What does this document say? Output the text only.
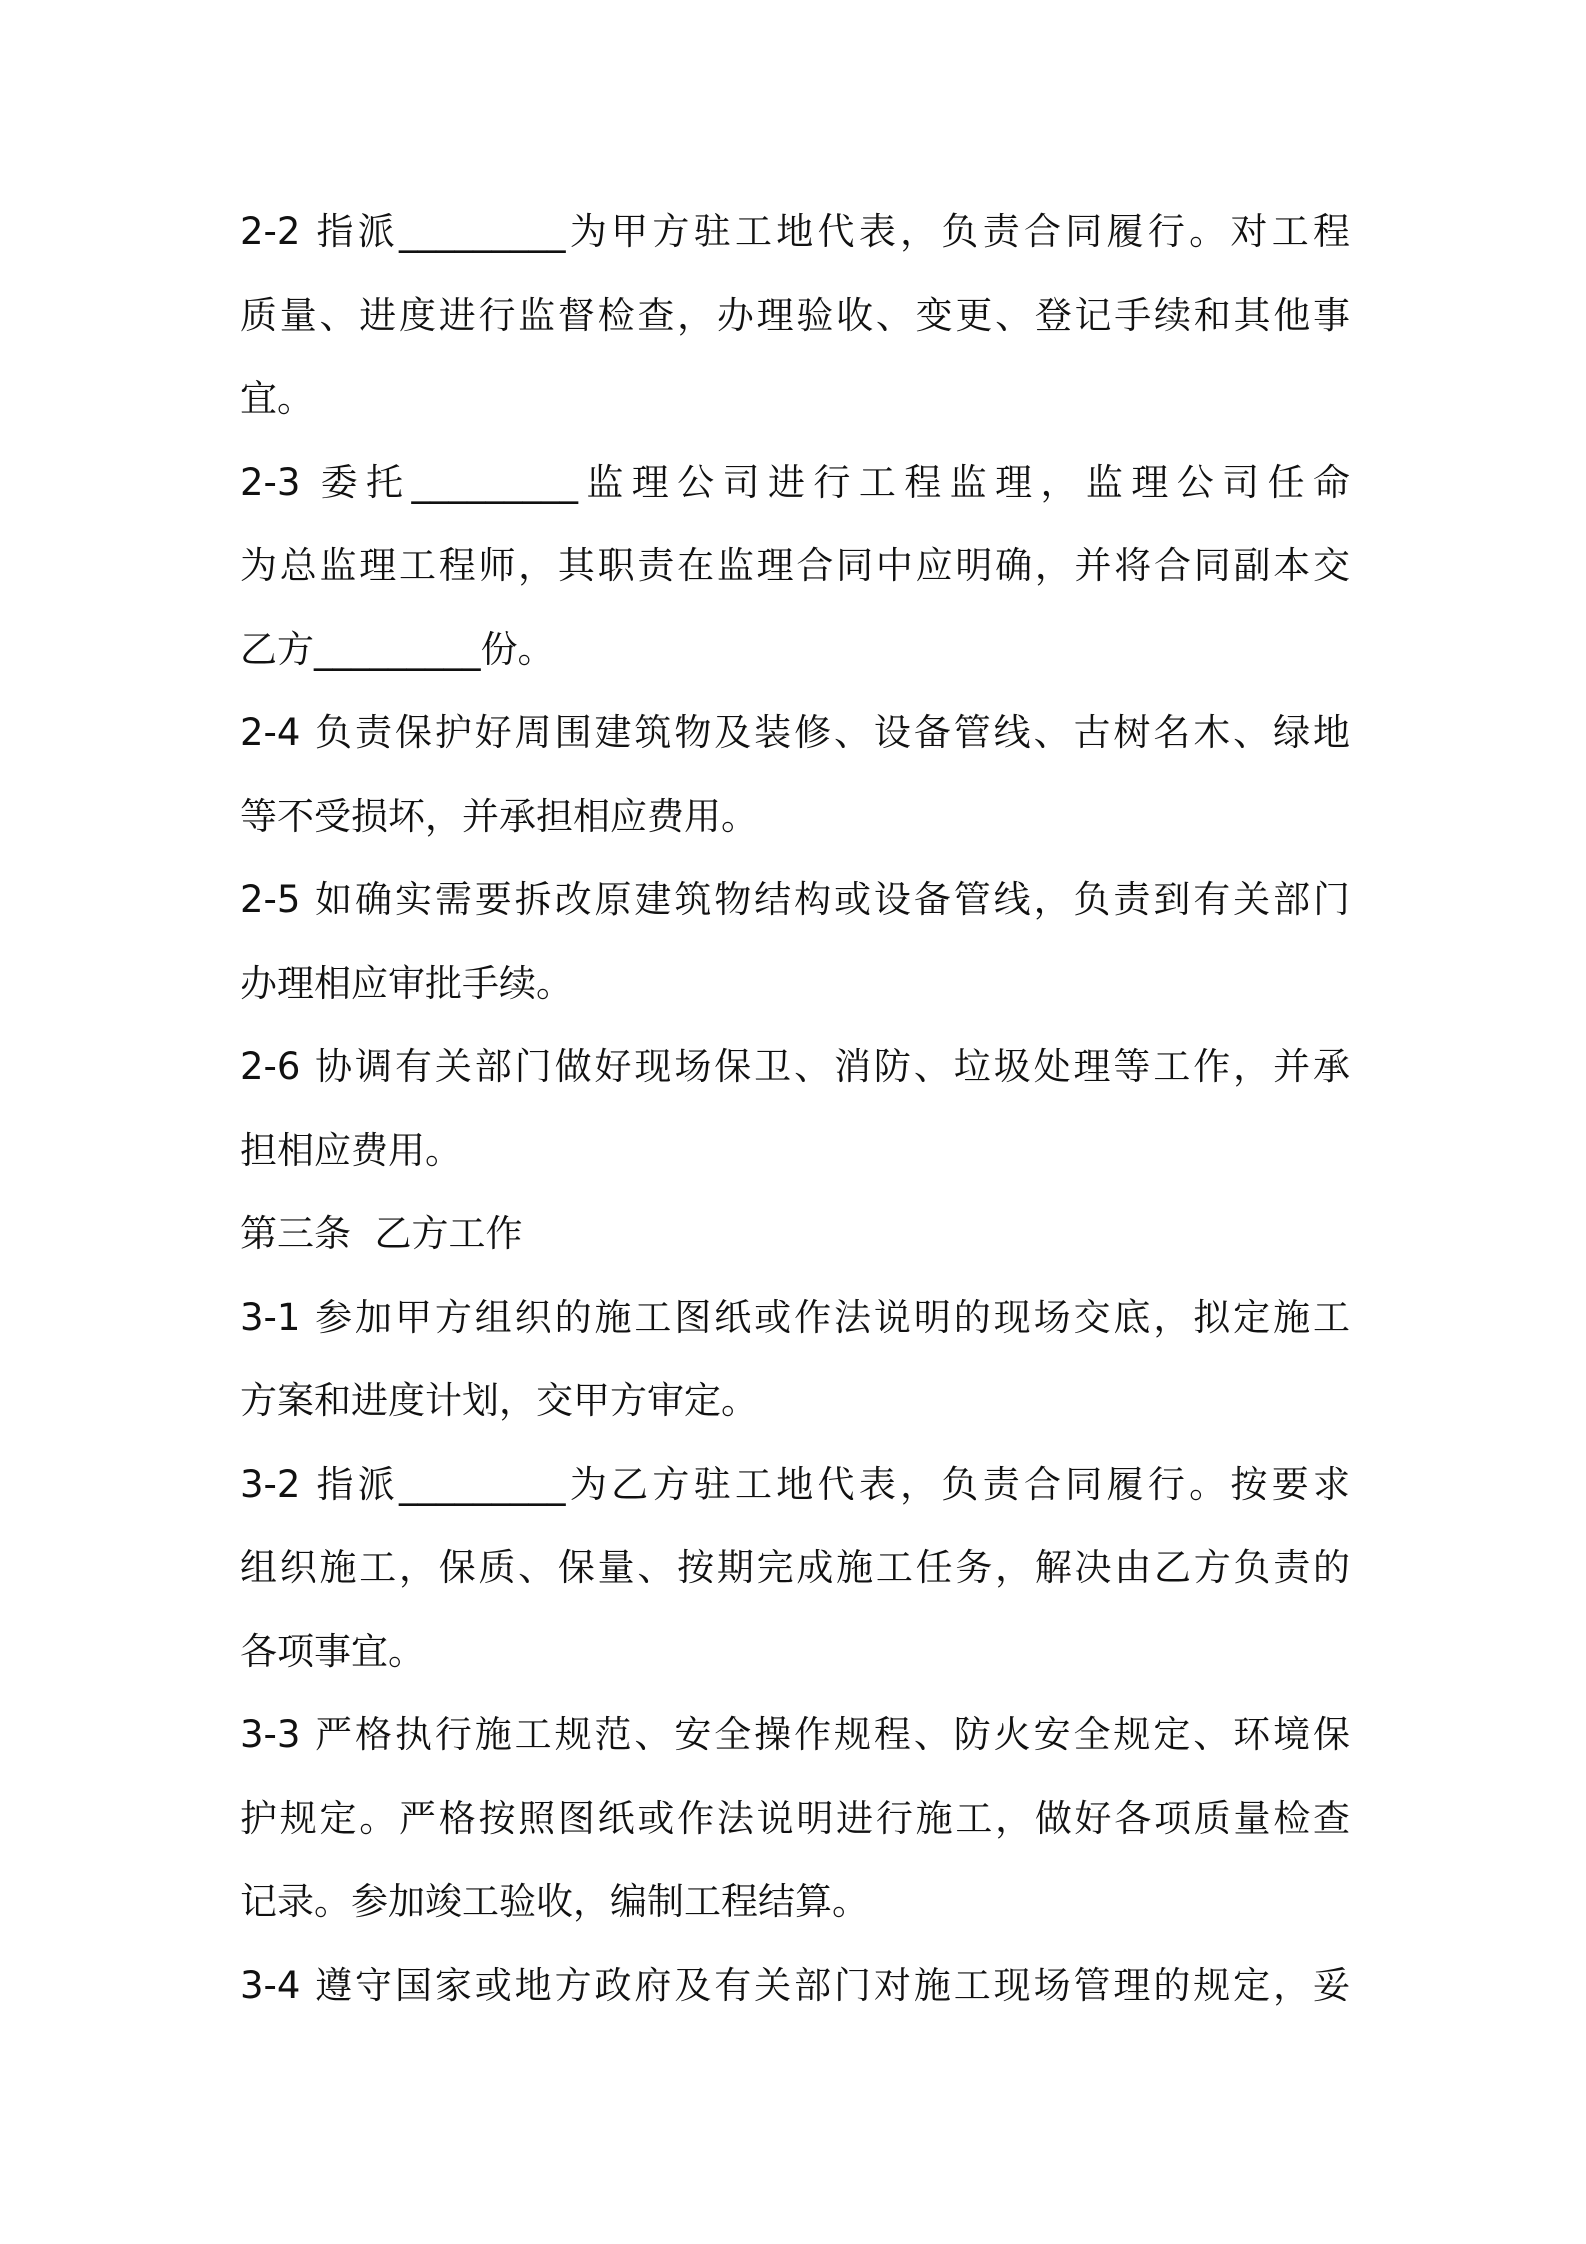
2-2 指派_________为甲方驻工地代表，负责合同履行。对工程
质量、进度进行监督检查，办理验收、变更、登记手续和其他事
宜。
2-3 委托_________监理公司进行工程监理，监理公司任命
为总监理工程师，其职责在监理合同中应明确，并将合同副本交
乙方_________份。
2-4 负责保护好周围建筑物及装修、设备管线、古树名木、绿地
等不受损坏，并承担相应费用。
2-5 如确实需要拆改原建筑物结构或设备管线，负责到有关部门
办理相应审批手续。
2-6 协调有关部门做好现场保卫、消防、垃圾处理等工作，并承
担相应费用。
第三条  乙方工作
3-1 参加甲方组织的施工图纸或作法说明的现场交底，拟定施工
方案和进度计划，交甲方审定。
3-2 指派_________为乙方驻工地代表，负责合同履行。按要求
组织施工，保质、保量、按期完成施工任务，解决由乙方负责的
各项事宜。
3-3 严格执行施工规范、安全操作规程、防火安全规定、环境保
护规定。严格按照图纸或作法说明进行施工，做好各项质量检查
记录。参加竣工验收，编制工程结算。
3-4 遵守国家或地方政府及有关部门对施工现场管理的规定，妥
